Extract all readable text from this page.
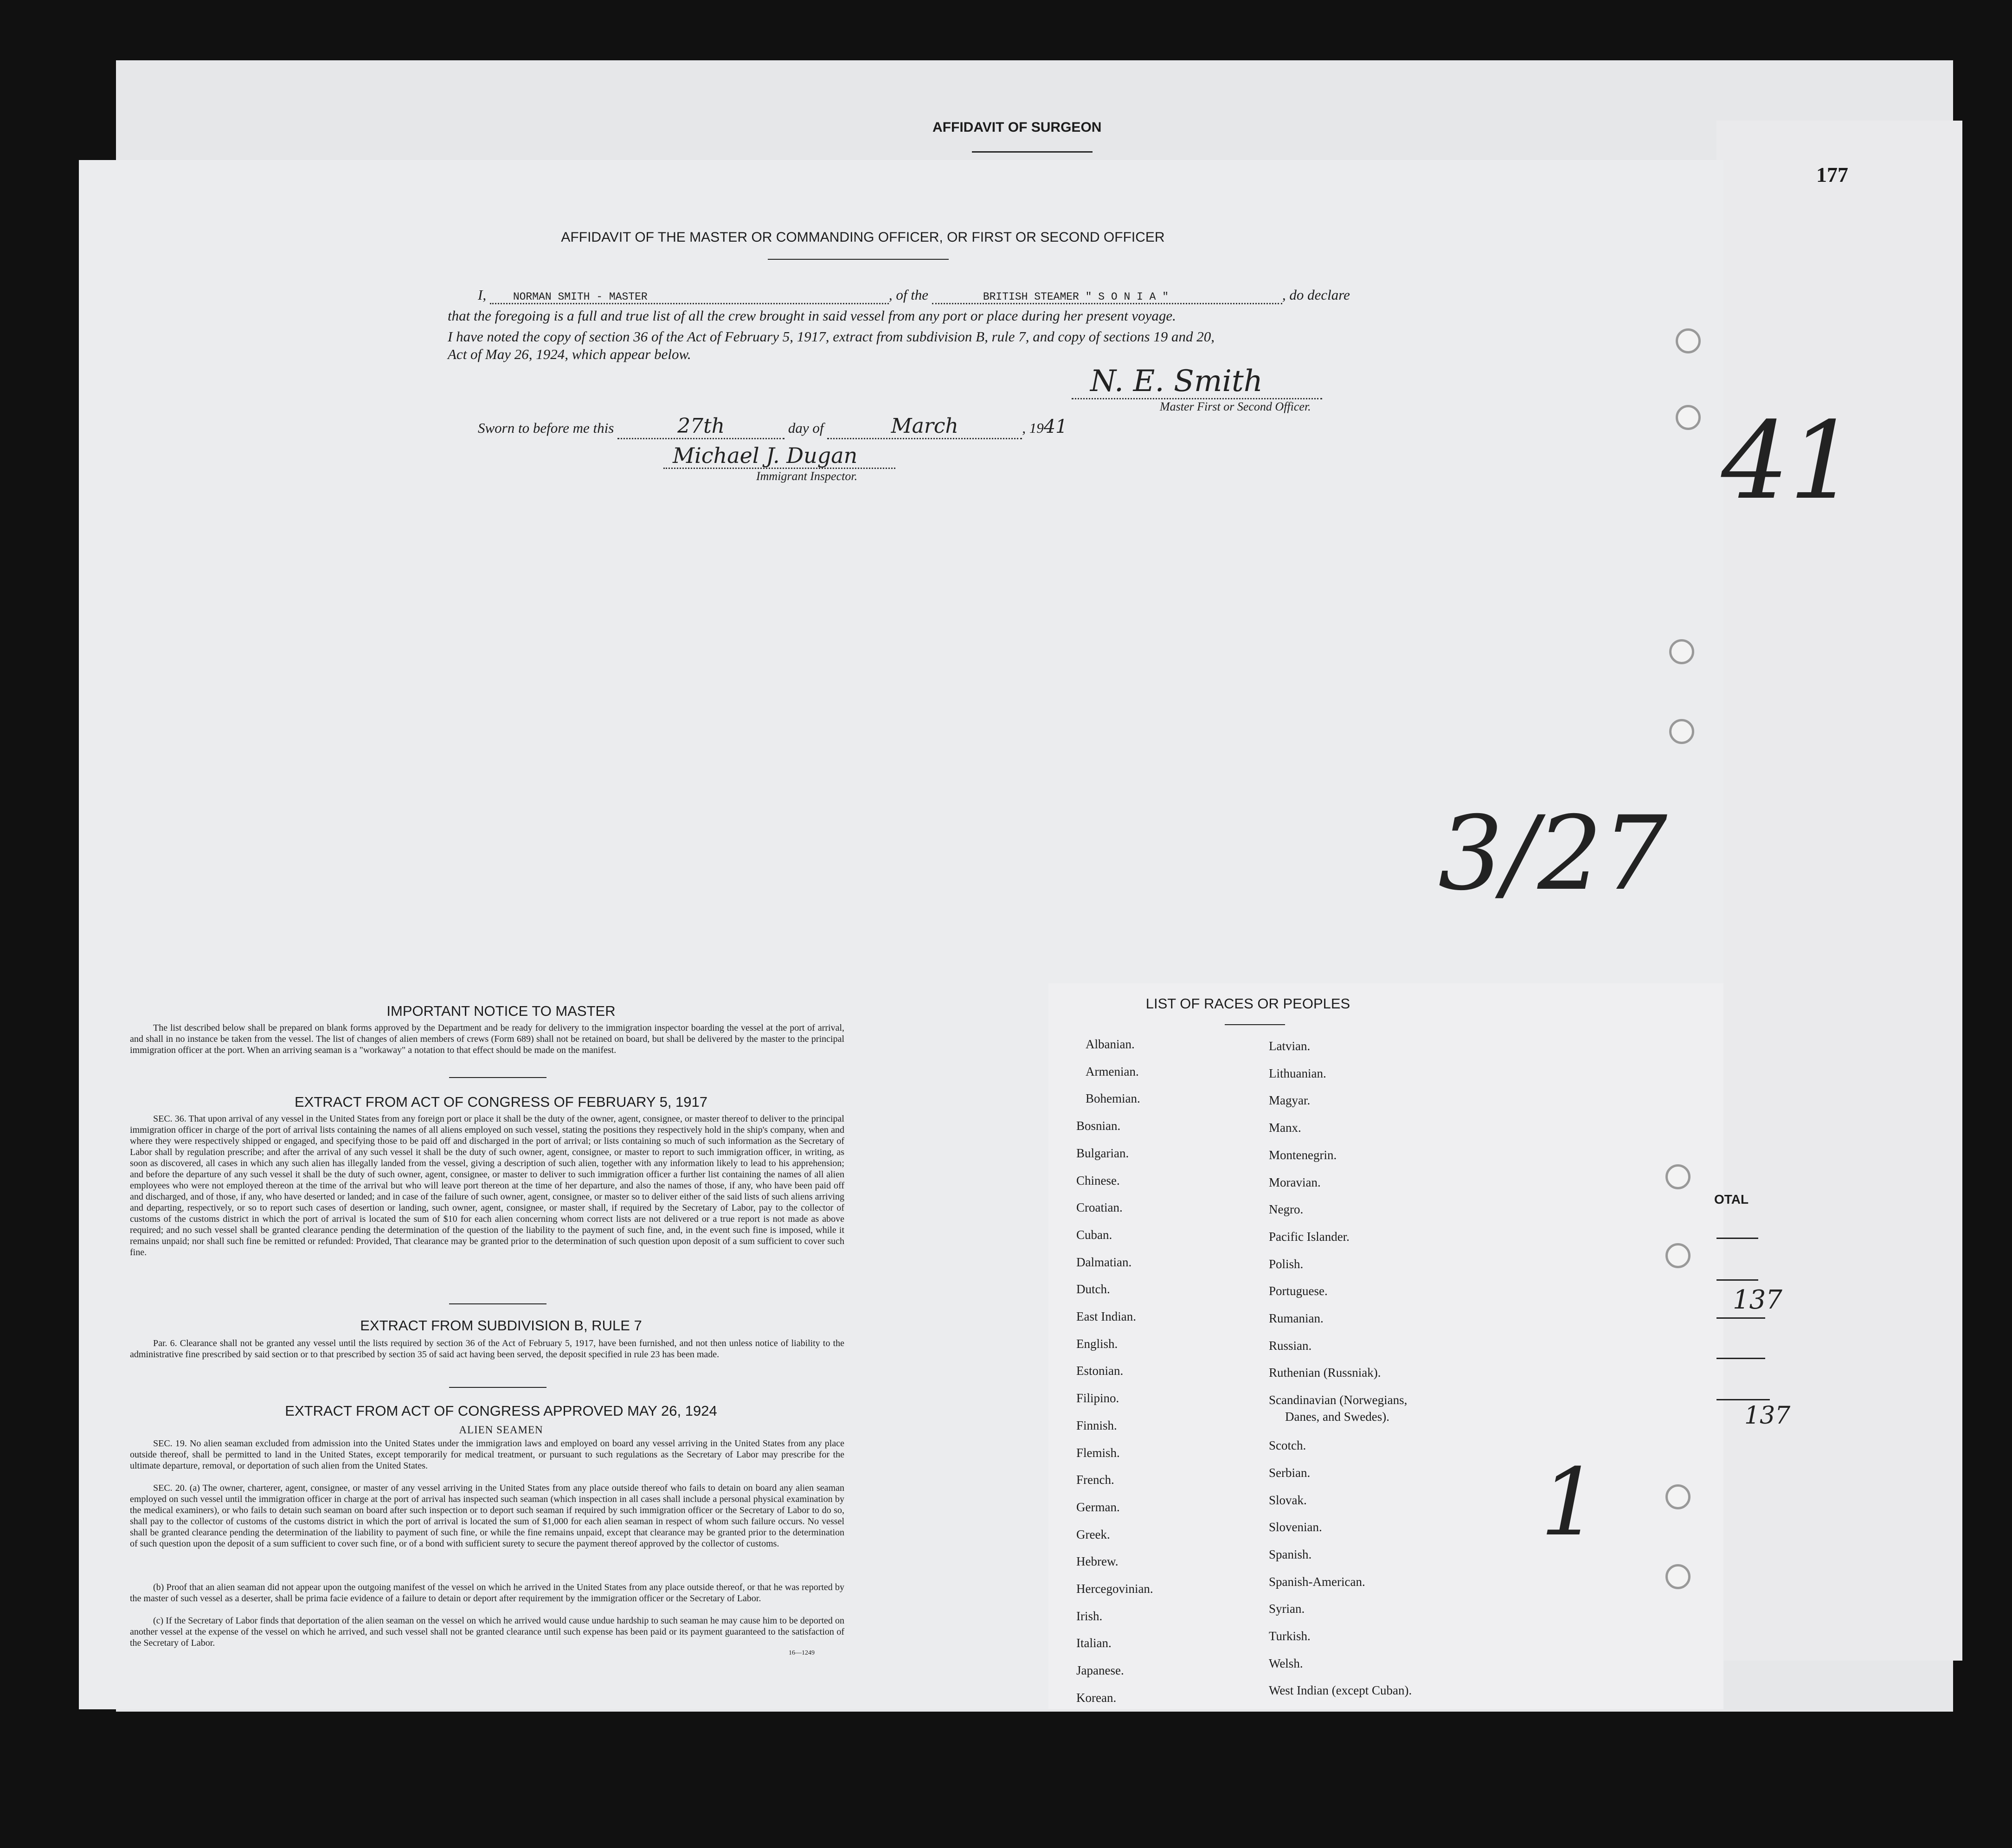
AFFIDAVIT OF SURGEON
177
AFFIDAVIT OF THE MASTER OR COMMANDING OFFICER, OR FIRST OR SECOND OFFICER
I,	NORMAN SMITH - MASTER	, of the	BRITISH STEAMER " S O N I A "	, do declare
that the foregoing is a full and true list of all the crew brought in said vessel from any port or place during her present voyage.
I have noted the copy of section 36 of the Act of February 5, 1917, extract from subdivision B, rule 7, and copy of sections 19 and 20,
Act of May 26, 1924, which appear below.
N. E. Smith
Master First or Second Officer.
Sworn to before me this	27th	day of	March	, 1941
Michael J. Dugan
Immigrant Inspector.	41
3/27
1
IMPORTANT NOTICE TO MASTER
The list described below shall be prepared on blank forms approved by the Department and be ready for delivery to the immigration inspector boarding the vessel at the port of arrival, and shall in no instance be taken from the vessel. The list of changes of alien members of crews (Form 689) shall not be retained on board, but shall be delivered by the master to the principal immigration officer at the port. When an arriving seaman is a "workaway" a notation to that effect should be made on the manifest.
EXTRACT FROM ACT OF CONGRESS OF FEBRUARY 5, 1917
SEC. 36. That upon arrival of any vessel in the United States from any foreign port or place it shall be the duty of the owner, agent, consignee, or master thereof to deliver to the principal immigration officer in charge of the port of arrival lists containing the names of all aliens employed on such vessel, stating the positions they respectively hold in the ship's company, when and where they were respectively shipped or engaged, and specifying those to be paid off and discharged in the port of arrival; or lists containing so much of such information as the Secretary of Labor shall by regulation prescribe; and after the arrival of any such vessel it shall be the duty of such owner, agent, consignee, or master to report to such immigration officer, in writing, as soon as discovered, all cases in which any such alien has illegally landed from the vessel, giving a description of such alien, together with any information likely to lead to his apprehension; and before the departure of any such vessel it shall be the duty of such owner, agent, consignee, or master to deliver to such immigration officer a further list containing the names of all alien employees who were not employed thereon at the time of the arrival but who will leave port thereon at the time of her departure, and also the names of those, if any, who have been paid off and discharged, and of those, if any, who have deserted or landed; and in case of the failure of such owner, agent, consignee, or master so to deliver either of the said lists of such aliens arriving and departing, respectively, or so to report such cases of desertion or landing, such owner, agent, consignee, or master shall, if required by the Secretary of Labor, pay to the collector of customs of the customs district in which the port of arrival is located the sum of $10 for each alien concerning whom correct lists are not delivered or a true report is not made as above required; and no such vessel shall be granted clearance pending the determination of the question of the liability to the payment of such fine, and, in the event such fine is imposed, while it remains unpaid; nor shall such fine be remitted or refunded: Provided, That clearance may be granted prior to the determination of such question upon deposit of a sum sufficient to cover such fine.
EXTRACT FROM SUBDIVISION B, RULE 7
Par. 6. Clearance shall not be granted any vessel until the lists required by section 36 of the Act of February 5, 1917, have been furnished, and not then unless notice of liability to the administrative fine prescribed by said section or to that prescribed by section 35 of said act having been served, the deposit specified in rule 23 has been made.
EXTRACT FROM ACT OF CONGRESS APPROVED MAY 26, 1924
ALIEN SEAMEN
SEC. 19. No alien seaman excluded from admission into the United States under the immigration laws and employed on board any vessel arriving in the United States from any place outside thereof, shall be permitted to land in the United States, except temporarily for medical treatment, or pursuant to such regulations as the Secretary of Labor may prescribe for the ultimate departure, removal, or deportation of such alien from the United States.
SEC. 20. (a) The owner, charterer, agent, consignee, or master of any vessel arriving in the United States from any place outside thereof who fails to detain on board any alien seaman employed on such vessel until the immigration officer in charge at the port of arrival has inspected such seaman (which inspection in all cases shall include a personal physical examination by the medical examiners), or who fails to detain such seaman on board after such inspection or to deport such seaman if required by such immigration officer or the Secretary of Labor to do so, shall pay to the collector of customs of the customs district in which the port of arrival is located the sum of $1,000 for each alien seaman in respect of whom such failure occurs. No vessel shall be granted clearance pending the determination of the liability to payment of such fine, or while the fine remains unpaid, except that clearance may be granted prior to the determination of such question upon the deposit of a sum sufficient to cover such fine, or of a bond with sufficient surety to secure the payment thereof approved by the collector of customs.
(b) Proof that an alien seaman did not appear upon the outgoing manifest of the vessel on which he arrived in the United States from any place outside thereof, or that he was reported by the master of such vessel as a deserter, shall be prima facie evidence of a failure to detain or deport after requirement by the immigration officer or the Secretary of Labor.
(c) If the Secretary of Labor finds that deportation of the alien seaman on the vessel on which he arrived would cause undue hardship to such seaman he may cause him to be deported on another vessel at the expense of the vessel on which he arrived, and such vessel shall not be granted clearance until such expense has been paid or its payment guaranteed to the satisfaction of the Secretary of Labor.
16—1249
LIST OF RACES OR PEOPLES
Albanian.
Armenian.
Bohemian.
Bosnian.
Bulgarian.
Chinese.
Croatian.
Cuban.
Dalmatian.
Dutch.
East Indian.
English.
Estonian.
Filipino.
Finnish.
Flemish.
French.
German.
Greek.
Hebrew.
Hercegovinian.
Irish.
Italian.
Japanese.
Korean.
Latvian.
Lithuanian.
Magyar.
Manx.
Montenegrin.
Moravian.
Negro.
Pacific Islander.
Polish.
Portuguese.
Rumanian.
Russian.
Ruthenian (Russniak).
Scandinavian (Norwegians,
Danes, and Swedes).
Scotch.
Serbian.
Slovak.
Slovenian.
Spanish.
Spanish-American.
Syrian.
Turkish.
Welsh.
West Indian (except Cuban).
OTAL
137
137
